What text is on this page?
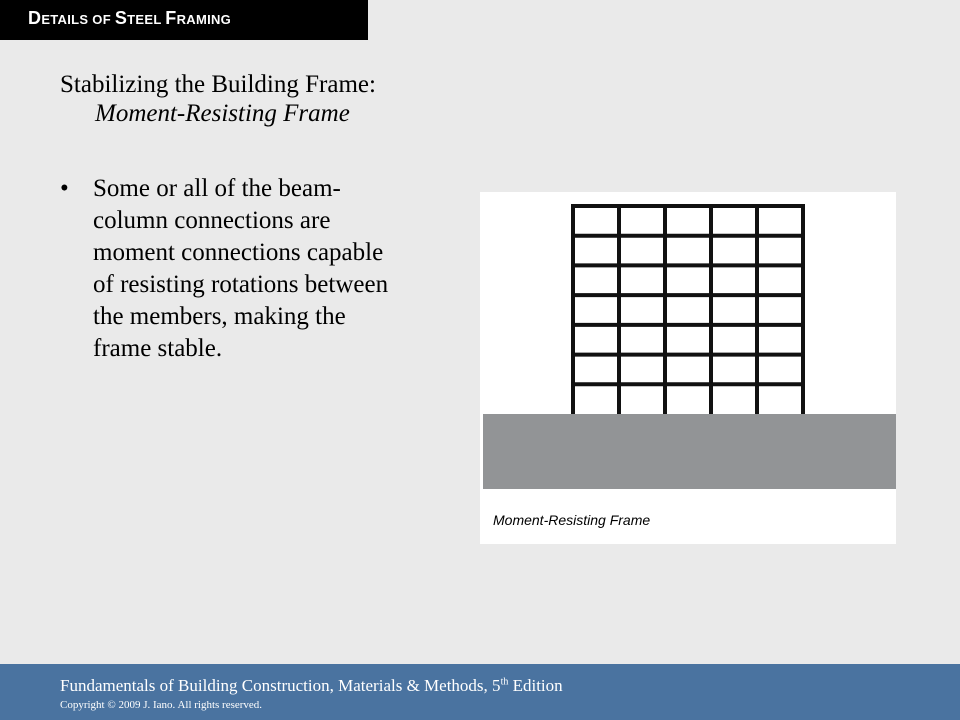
DETAILS OF STEEL FRAMING
Stabilizing the Building Frame: Moment-Resisting Frame
• Some or all of the beam-column connections are moment connections capable of resisting rotations between the members, making the frame stable.
Moment-Resisting Frame
Fundamentals of Building Construction, Materials & Methods, 5th Edition
Copyright © 2009 J. Iano. All rights reserved.
